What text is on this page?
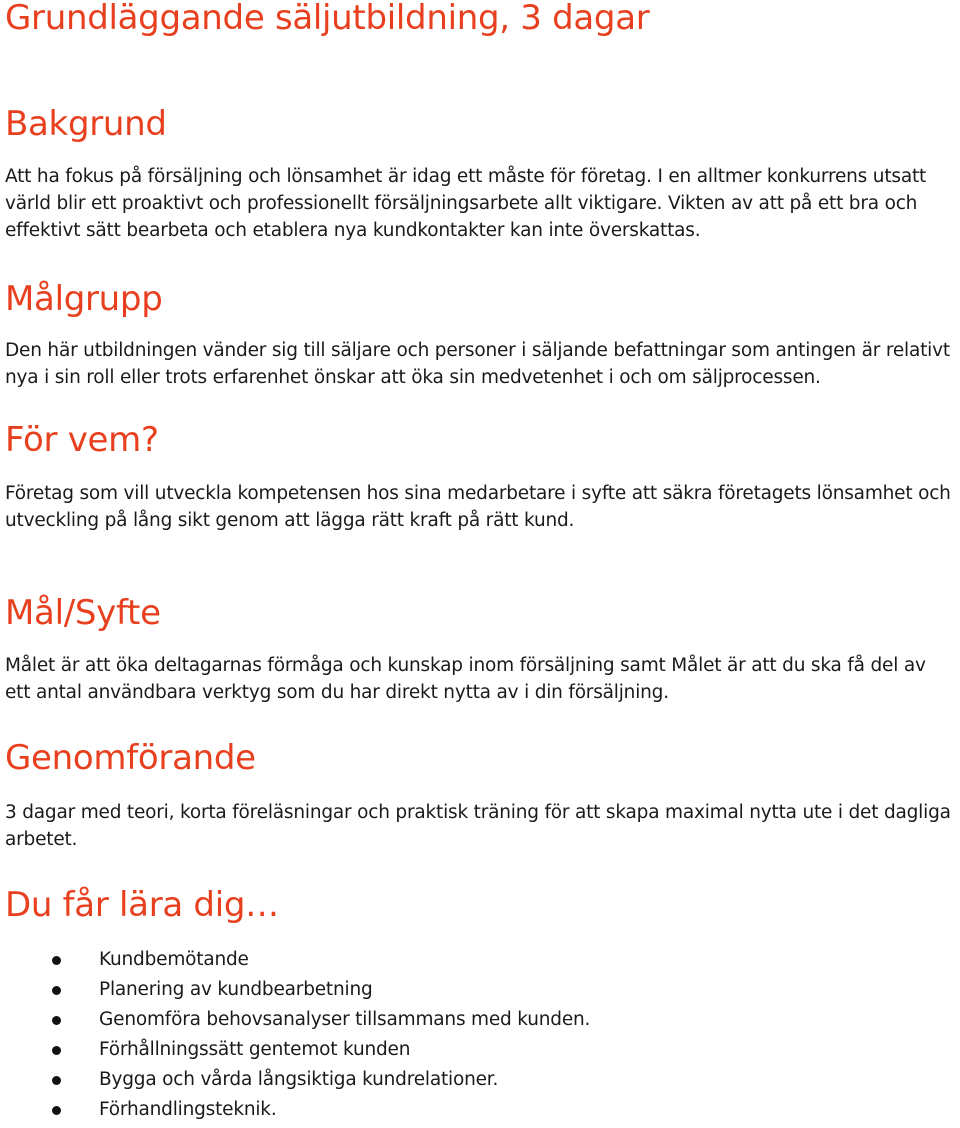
Grundläggande säljutbildning, 3 dagar
Bakgrund

Att ha fokus på försäljning och lönsamhet är idag ett måste för företag. I en alltmer konkurrens utsatt värld blir ett proaktivt och professionellt försäljningsarbete allt viktigare. Vikten av att på ett bra och effektivt sätt bearbeta och etablera nya kundkontakter kan inte överskattas.

Målgrupp

Den här utbildningen vänder sig till säljare och personer i säljande befattningar som antingen är relativt nya i sin roll eller trots erfarenhet önskar att öka sin medvetenhet i och om säljprocessen.

För vem?

Företag som vill utveckla kompetensen hos sina medarbetare i syfte att säkra företagets lönsamhet och utveckling på lång sikt genom att lägga rätt kraft på rätt kund.

Mål/Syfte

Målet är att öka deltagarnas förmåga och kunskap inom försäljning samt Målet är att du ska få del av ett antal användbara verktyg som du har direkt nytta av i din försäljning.

Genomförande

3 dagar med teori, korta föreläsningar och praktisk träning för att skapa maximal nytta ute i det dagliga arbetet.

Du får lära dig…
Kundbemötande
Planering av kundbearbetning
Genomföra behovsanalyser tillsammans med kunden.
Förhållningssätt gentemot kunden
Bygga och vårda långsiktiga kundrelationer.
Förhandlingsteknik.
